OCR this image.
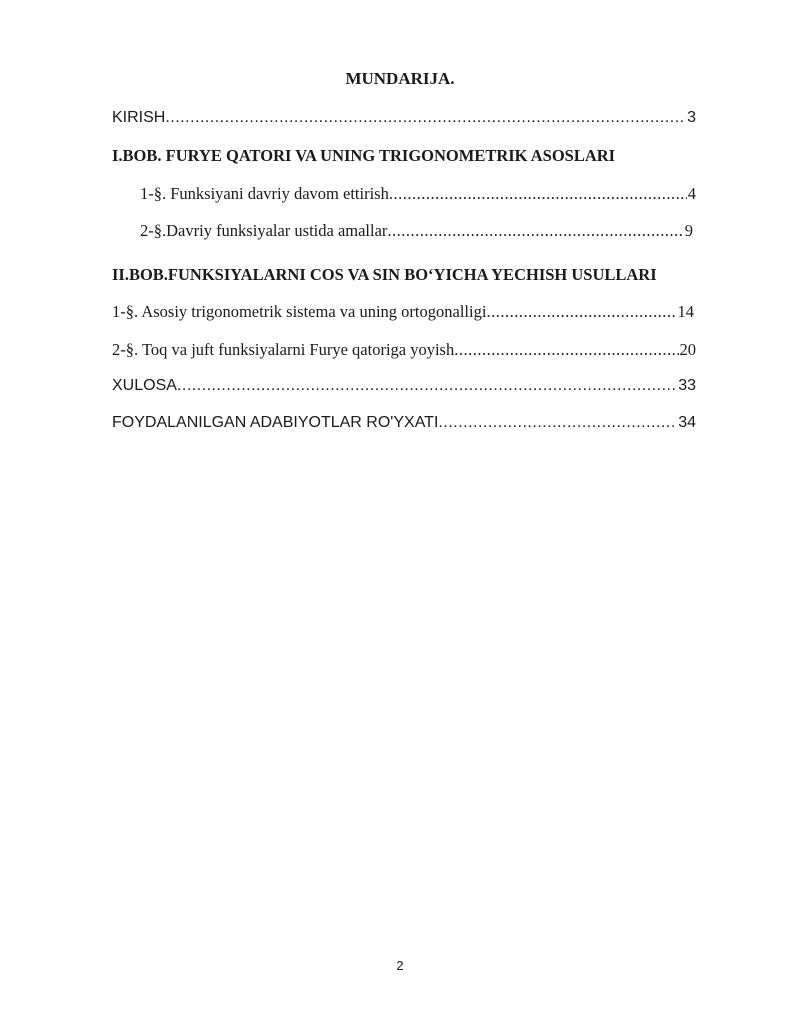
MUNDARIJA.
KIRISH .....	3
I.BOB. FURYE QATORI VA UNING TRIGONOMETRIK ASOSLARI
1-§. Funksiyani davriy davom ettirish .....	4
2-§.Davriy funksiyalar ustida amallar .....	9
II.BOB.FUNKSIYALARNI COS VA SIN BO‘YICHA YECHISH USULLARI
1-§. Asosiy trigonometrik sistema va uning ortogonalligi .....	14
2-§. Toq va juft funksiyalarni Furye qatoriga yoyish .....	20
XULOSA .....	33
FOYDALANILGAN ADABIYOTLAR RO'YXATI .....	34
2
